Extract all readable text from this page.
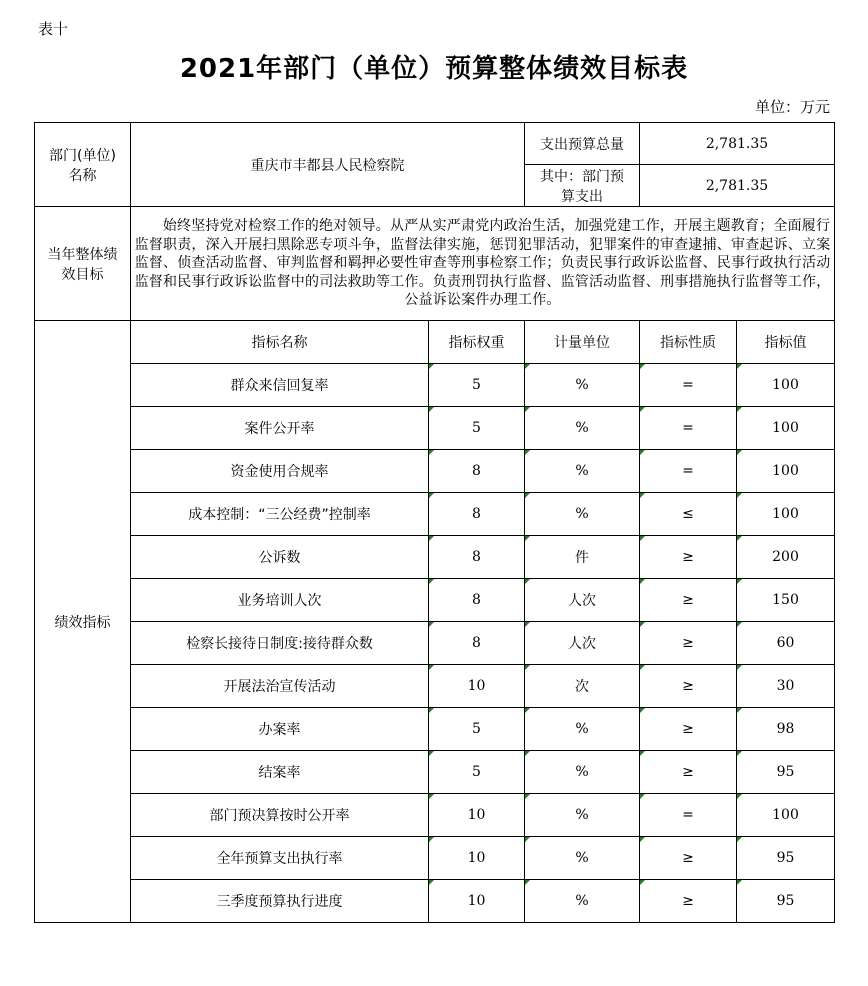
表十
2021年部门（单位）预算整体绩效目标表
单位：万元
部门(单位)名称	重庆市丰都县人民检察院		支出预算总量	2,781.35	
			其中：部门预算支出	2,781.35	
当年整体绩效目标	始终坚持党对检察工作的绝对领导。从严从实严肃党内政治生活，加强党建工作，开展主题教育；全面履行监督职责，深入开展扫黑除恶专项斗争，监督法律实施，惩罚犯罪活动，犯罪案件的审查逮捕、审查起诉、立案监督、侦查活动监督、审判监督和羁押必要性审查等刑事检察工作；负责民事行政诉讼监督、民事行政执行活动监督和民事行政诉讼监督中的司法救助等工作。负责刑罚执行监督、监管活动监督、刑事措施执行监督等工作，公益诉讼案件办理工作。				
绩效指标	指标名称	指标权重	计量单位	指标性质	指标值
	群众来信回复率	5	%	=	100
	案件公开率	5	%	=	100
	资金使用合规率	8	%	=	100
	成本控制：“三公经费”控制率	8	%	≤	100
	公诉数	8	件	≥	200
	业务培训人次	8	人次	≥	150
	检察长接待日制度:接待群众数	8	人次	≥	60
	开展法治宣传活动	10	次	≥	30
	办案率	5	%	≥	98
	结案率	5	%	≥	95
	部门预决算按时公开率	10	%	=	100
	全年预算支出执行率	10	%	≥	95
	三季度预算执行进度	10	%	≥	95
